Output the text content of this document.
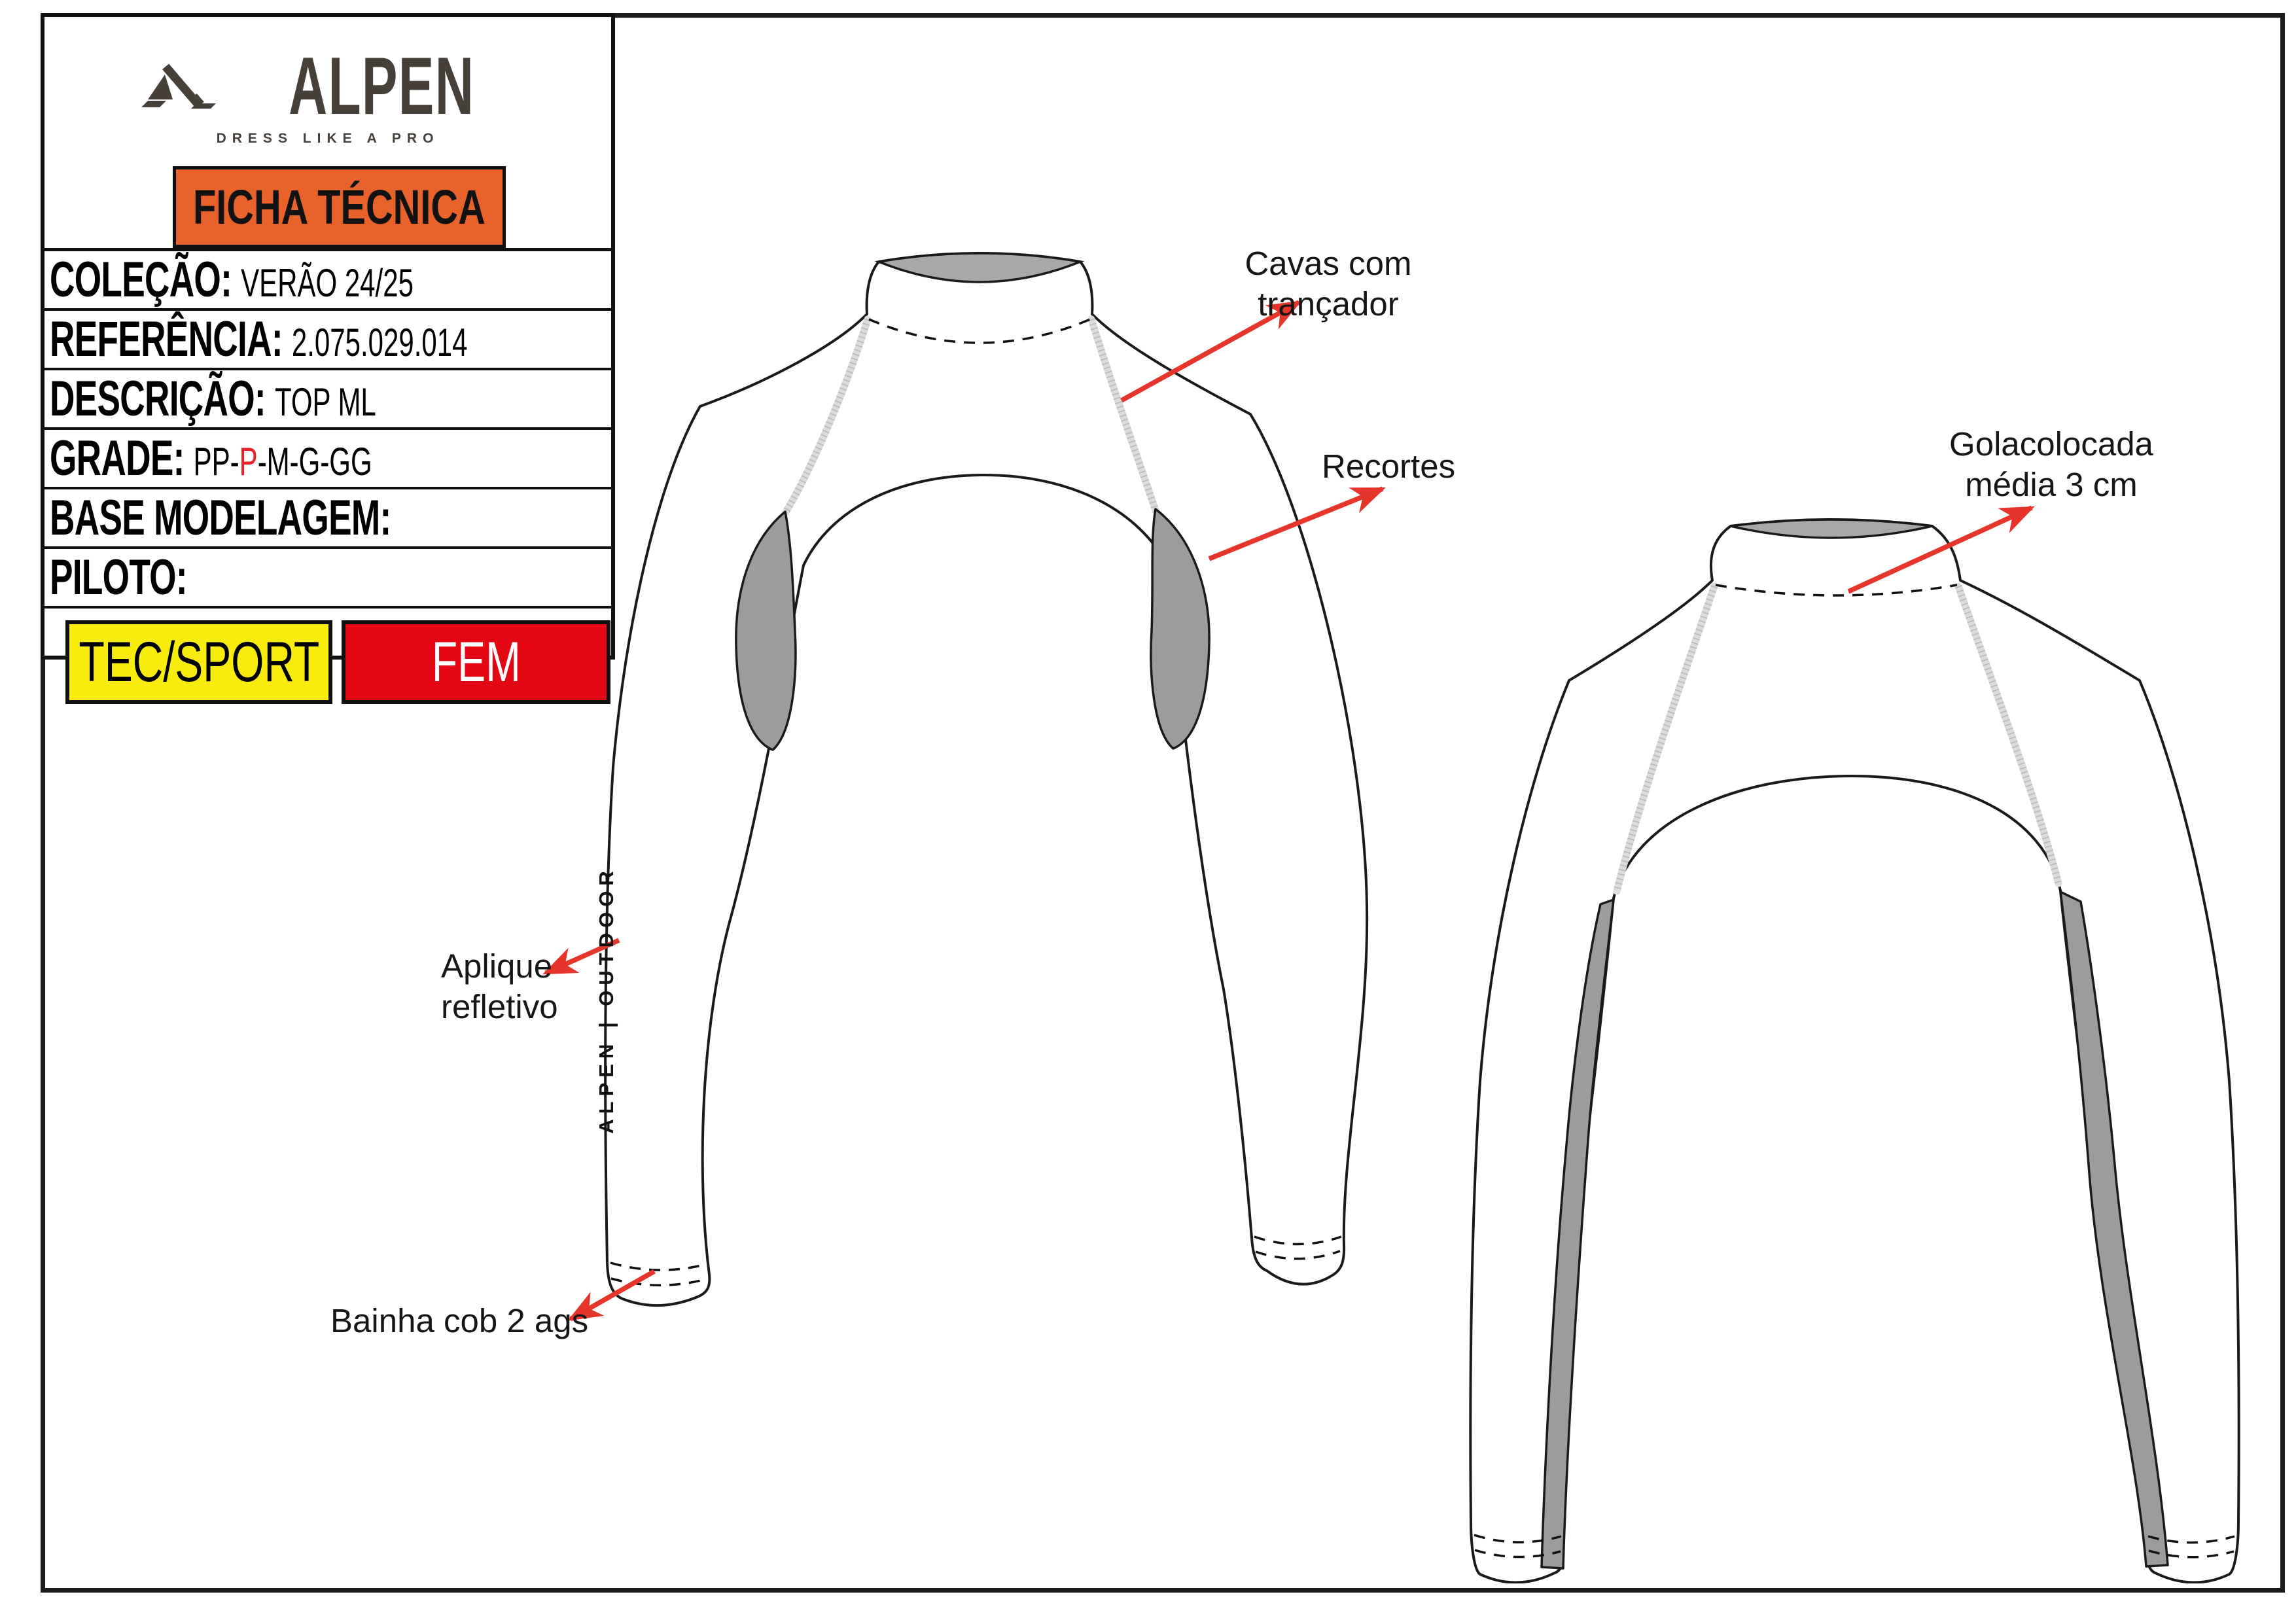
ALPEN
DRESS LIKE A PRO
FICHA TÉCNICA
COLEÇÃO: VERÃO 24/25
REFERÊNCIA: 2.075.029.014
DESCRIÇÃO: TOP ML
GRADE: PP-P-M-G-GG
BASE MODELAGEM:
PILOTO:
TEC/SPORT FEM
Cavas com trançador
Recortes
Golacolocada
média 3 cm
Aplique
refletivo
Bainha cob 2 ags
ALPEN | OUTDOOR
